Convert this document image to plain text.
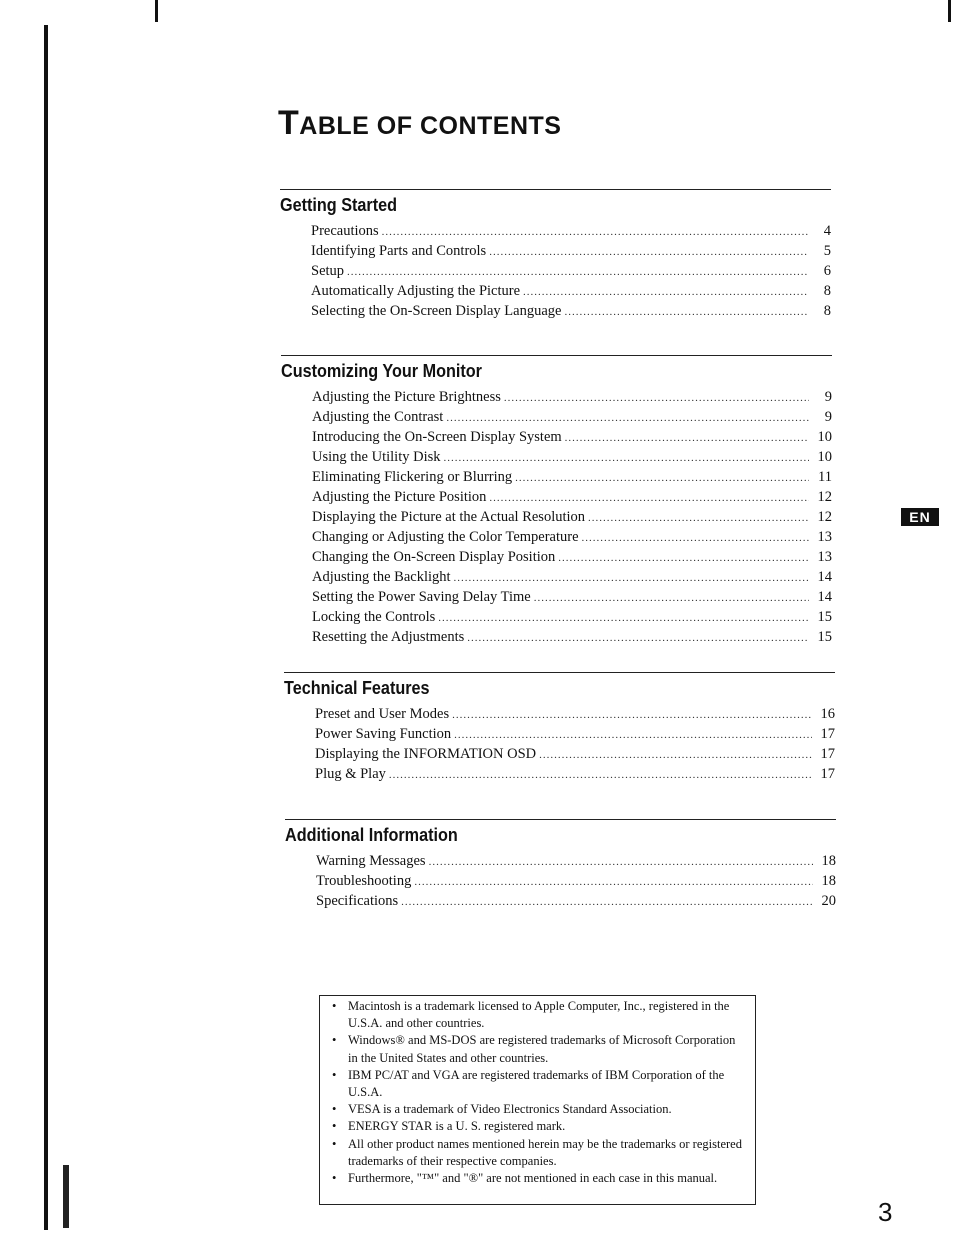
TABLE OF CONTENTS
Getting Started
Precautions .....	4
Identifying Parts and Controls .....	5
Setup .....	6
Automatically Adjusting the Picture .....	8
Selecting the On-Screen Display Language .....	8
Customizing Your Monitor
Adjusting the Picture Brightness .....	9
Adjusting the Contrast .....	9
Introducing the On-Screen Display System .....	10
Using the Utility Disk .....	10
Eliminating Flickering or Blurring .....	11
Adjusting the Picture Position .....	12
Displaying the Picture at the Actual Resolution .....	12
Changing or Adjusting the Color Temperature .....	13
Changing the On-Screen Display Position .....	13
Adjusting the Backlight .....	14
Setting the Power Saving Delay Time .....	14
Locking the Controls .....	15
Resetting the Adjustments .....	15
Technical Features
Preset and User Modes .....	16
Power Saving Function .....	17
Displaying the INFORMATION OSD .....	17
Plug & Play .....	17
Additional Information
Warning Messages .....	18
Troubleshooting .....	18
Specifications .....	20
EN
• Macintosh is a trademark licensed to Apple Computer, Inc., registered in the U.S.A. and other countries.
• Windows® and MS-DOS are registered trademarks of Microsoft Corporation in the United States and other countries.
• IBM PC/AT and VGA are registered trademarks of IBM Corporation of the U.S.A.
• VESA is a trademark of Video Electronics Standard Association.
• ENERGY STAR is a U. S. registered mark.
• All other product names mentioned herein may be the trademarks or registered trademarks of their respective companies.
• Furthermore, "™" and "®" are not mentioned in each case in this manual.
3
